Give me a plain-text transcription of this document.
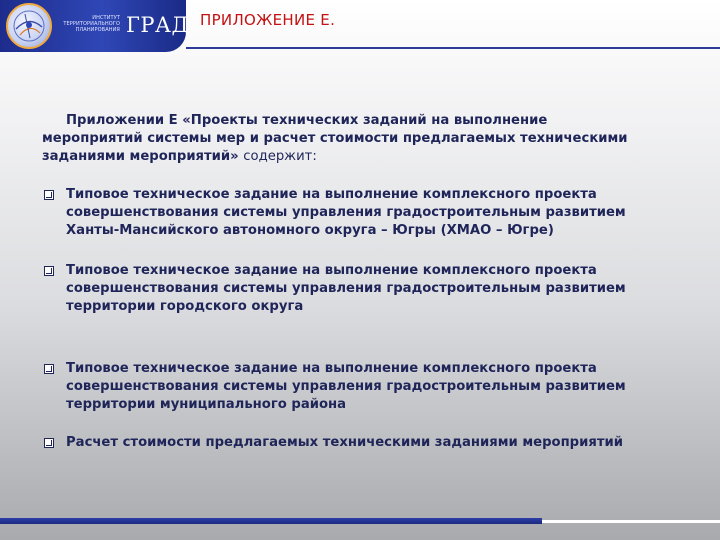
ИНСТИТУТ
ТЕРРИТОРИАЛЬНОГО
ПЛАНИРОВАНИЯ ГРАД ПРИЛОЖЕНИЕ Е.
Приложении Е «Проекты технических заданий на выполнение
мероприятий системы мер и расчет стоимости предлагаемых техническими
заданиями мероприятий» содержит:
Типовое техническое задание на выполнение комплексного проекта
совершенствования системы управления градостроительным развитием
Ханты-Мансийского автономного округа – Югры (ХМАО – Югре)
Типовое техническое задание на выполнение комплексного проекта
совершенствования системы управления градостроительным развитием
территории городского округа
Типовое техническое задание на выполнение комплексного проекта
совершенствования системы управления градостроительным развитием
территории муниципального района
Расчет стоимости предлагаемых техническими заданиями мероприятий
